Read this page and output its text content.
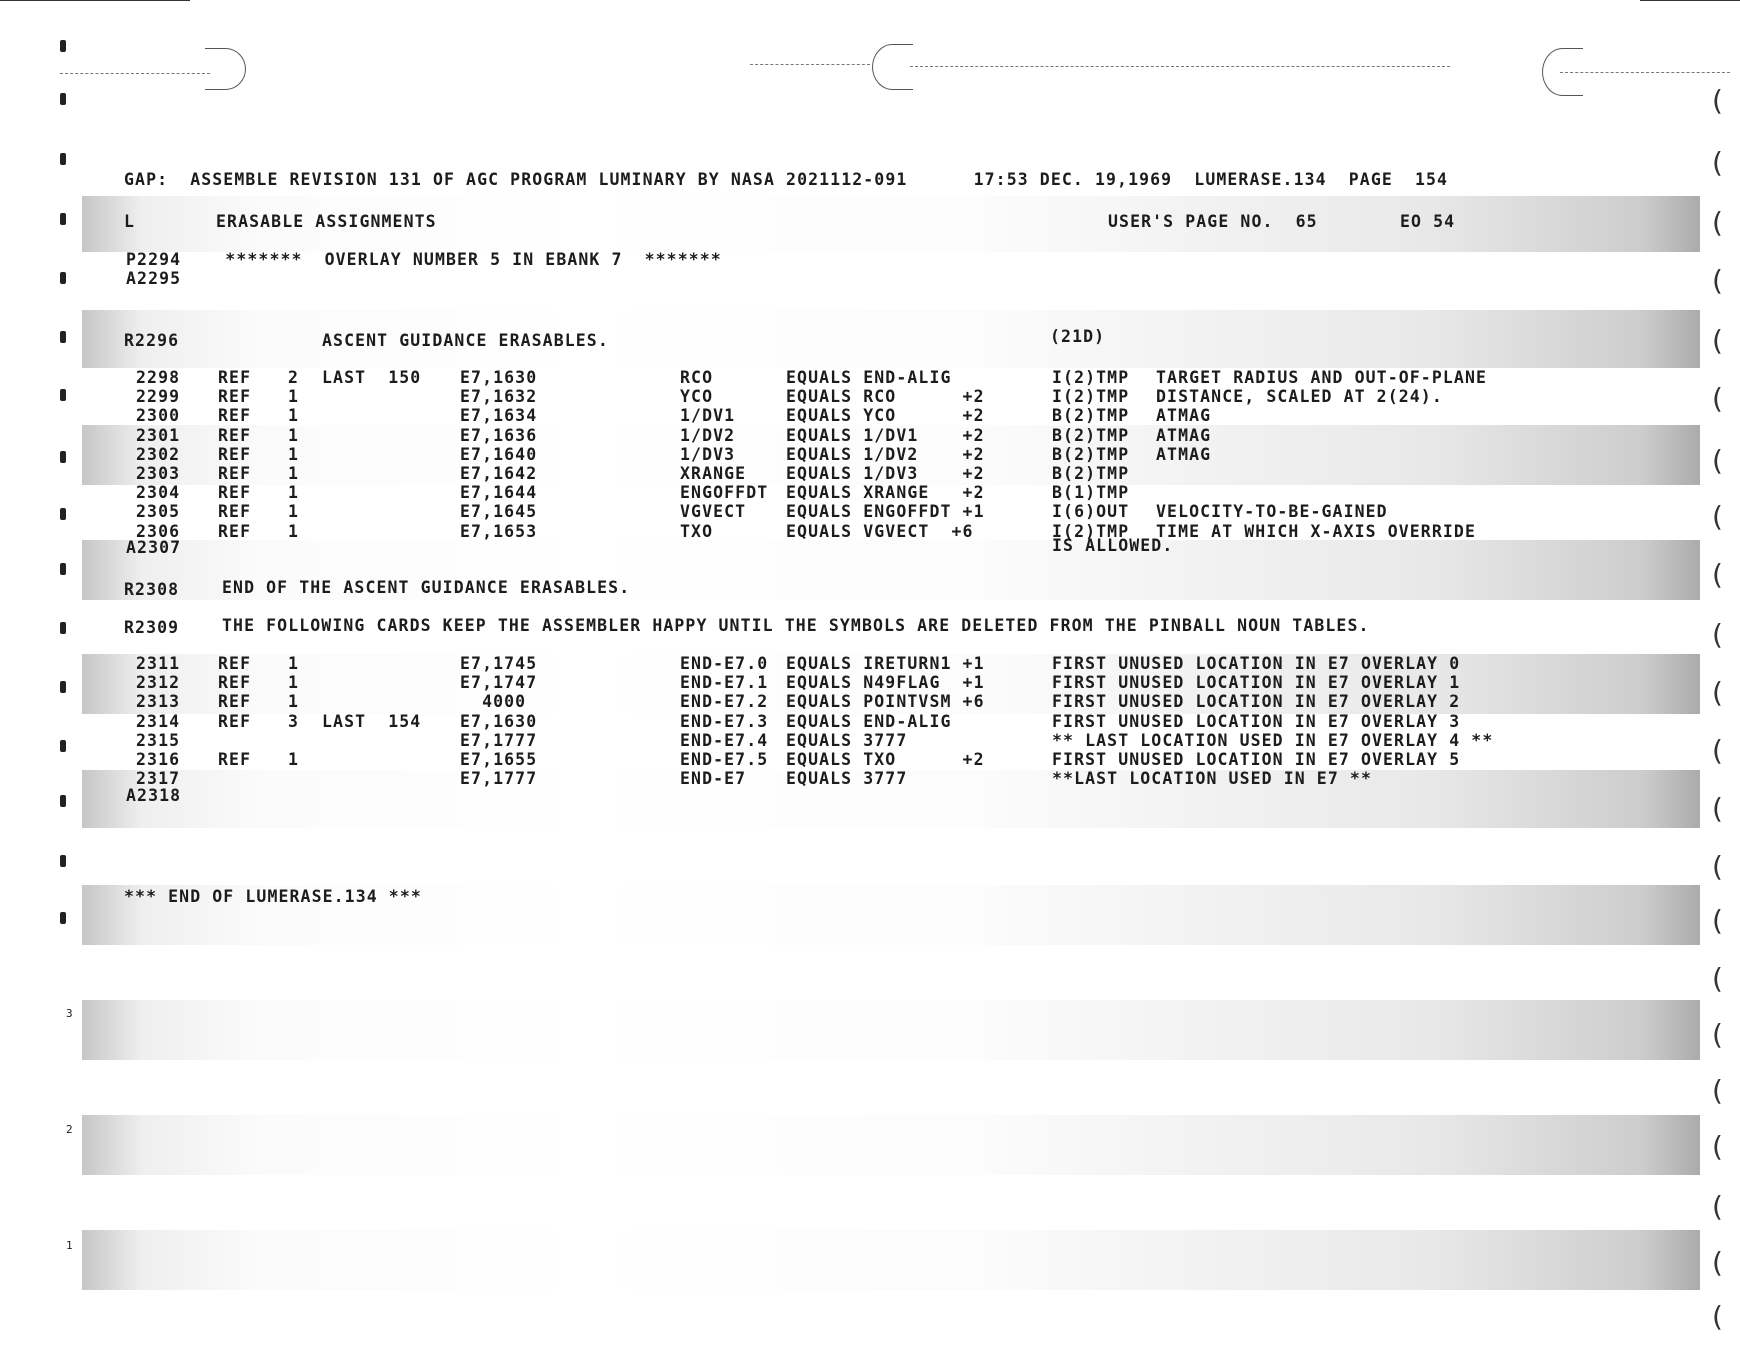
(
(
(
(
(
(
(
(
(
(
(
(
(
(
(
(
(
(
(
(
(
(
GAP:  ASSEMBLE REVISION 131 OF AGC PROGRAM LUMINARY BY NASA 2021112-091      17:53 DEC. 19,1969  LUMERASE.134  PAGE  154
L	ERASABLE ASSIGNMENTS	USER'S PAGE NO.  65	EO 54
P2294    *******  OVERLAY NUMBER 5 IN EBANK 7  *******
A2295
R2296	ASCENT GUIDANCE ERASABLES.	(21D)
2298 REF 2 LAST  150 E7,1630	RCO	EQUALS END-ALIG	I(2)TMP TARGET RADIUS AND OUT-OF-PLANE
2299 REF 1	E7,1632	YCO	EQUALS RCO      +2	I(2)TMP DISTANCE, SCALED AT 2(24).
2300 REF 1	E7,1634	1/DV1	EQUALS YCO      +2	B(2)TMP ATMAG
2301 REF 1	E7,1636	1/DV2	EQUALS 1/DV1    +2	B(2)TMP ATMAG
2302 REF 1	E7,1640	1/DV3	EQUALS 1/DV2    +2	B(2)TMP ATMAG
2303 REF 1	E7,1642	XRANGE EQUALS 1/DV3    +2	B(2)TMP
2304 REF 1	E7,1644	ENGOFFDT EQUALS XRANGE   +2	B(1)TMP
2305 REF 1	E7,1645	VGVECT EQUALS ENGOFFDT +1	I(6)OUT VELOCITY-TO-BE-GAINED
2306 REF 1	E7,1653	TXO	EQUALS VGVECT  +6	I(2)TMP TIME AT WHICH X-AXIS OVERRIDE
A2307	IS ALLOWED.
R2308	END OF THE ASCENT GUIDANCE ERASABLES.
R2309	THE FOLLOWING CARDS KEEP THE ASSEMBLER HAPPY UNTIL THE SYMBOLS ARE DELETED FROM THE PINBALL NOUN TABLES.
2311 REF 1	E7,1745	END-E7.0 EQUALS IRETURN1 +1	FIRST UNUSED LOCATION IN E7 OVERLAY 0
2312 REF 1	E7,1747	END-E7.1 EQUALS N49FLAG  +1	FIRST UNUSED LOCATION IN E7 OVERLAY 1
2313 REF 1	4000	END-E7.2 EQUALS POINTVSM +6	FIRST UNUSED LOCATION IN E7 OVERLAY 2
2314 REF 3 LAST  154 E7,1630	END-E7.3 EQUALS END-ALIG	FIRST UNUSED LOCATION IN E7 OVERLAY 3
2315	E7,1777	END-E7.4 EQUALS 3777	** LAST LOCATION USED IN E7 OVERLAY 4 **
2316 REF 1	E7,1655	END-E7.5 EQUALS TXO      +2	FIRST UNUSED LOCATION IN E7 OVERLAY 5
2317	E7,1777	END-E7 EQUALS 3777	**LAST LOCATION USED IN E7 **
A2318
*** END OF LUMERASE.134 ***
3
2
1
